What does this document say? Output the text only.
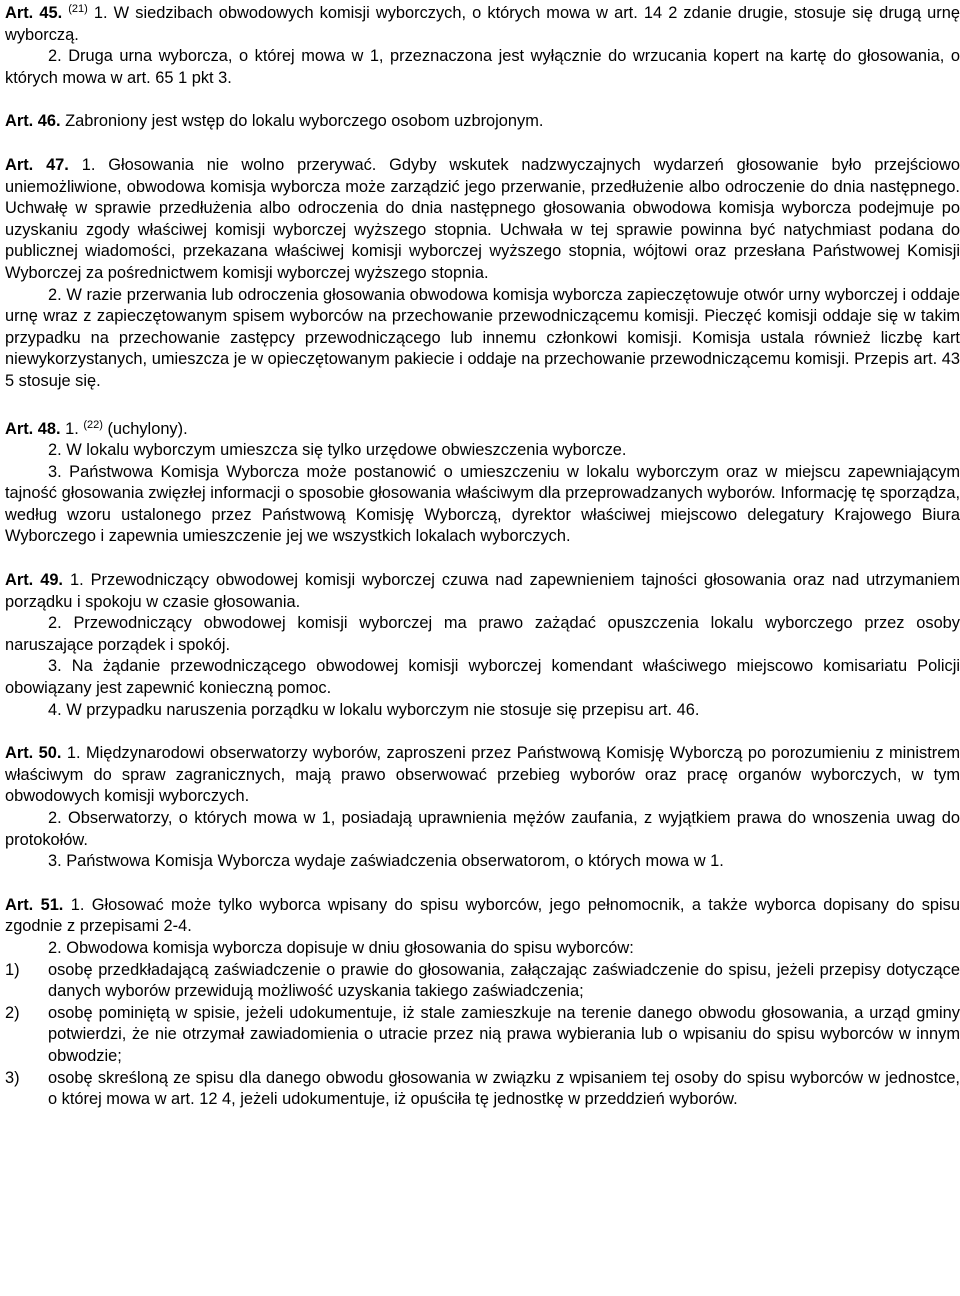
Art. 45. $^{(21)}$ 1. W siedzibach obwodowych komisji wyborczych, o których mowa w art. 14 2 zdanie drugie, stosuje się drugą urnę wyborczą.

2. Druga urna wyborcza, o której mowa w 1, przeznaczona jest wyłącznie do wrzucania kopert na kartę do głosowania, o których mowa w art. 65 1 pkt 3.

Art. 46. Zabroniony jest wstęp do lokalu wyborczego osobom uzbrojonym.

Art. 47. 1. Głosowania nie wolno przerywać. Gdyby wskutek nadzwyczajnych wydarzeń głosowanie było przejściowo uniemożliwione, obwodowa komisja wyborcza może zarządzić jego przerwanie, przedłużenie albo odroczenie do dnia następnego. Uchwałę w sprawie przedłużenia albo odroczenia do dnia następnego głosowania obwodowa komisja wyborcza podejmuje po uzyskaniu zgody właściwej komisji wyborczej wyższego stopnia. Uchwała w tej sprawie powinna być natychmiast podana do publicznej wiadomości, przekazana właściwej komisji wyborczej wyższego stopnia, wójtowi oraz przesłana Państwowej Komisji Wyborczej za pośrednictwem komisji wyborczej wyższego stopnia.

2. W razie przerwania lub odroczenia głosowania obwodowa komisja wyborcza zapieczętowuje otwór urny wyborczej i oddaje urnę wraz z zapieczętowanym spisem wyborców na przechowanie przewodniczącemu komisji. Pieczęć komisji oddaje się w takim przypadku na przechowanie zastępcy przewodniczącego lub innemu członkowi komisji. Komisja ustala również liczbę kart niewykorzystanych, umieszcza je w opieczętowanym pakiecie i oddaje na przechowanie przewodniczącemu komisji. Przepis art. 43 5 stosuje się.

Art. 48. 1. $^{(22)}$ (uchylony).

2. W lokalu wyborczym umieszcza się tylko urzędowe obwieszczenia wyborcze.

3. Państwowa Komisja Wyborcza może postanowić o umieszczeniu w lokalu wyborczym oraz w miejscu zapewniającym tajność głosowania zwięzłej informacji o sposobie głosowania właściwym dla przeprowadzanych wyborów. Informację tę sporządza, według wzoru ustalonego przez Państwową Komisję Wyborczą, dyrektor właściwej miejscowo delegatury Krajowego Biura Wyborczego i zapewnia umieszczenie jej we wszystkich lokalach wyborczych.

Art. 49. 1. Przewodniczący obwodowej komisji wyborczej czuwa nad zapewnieniem tajności głosowania oraz nad utrzymaniem porządku i spokoju w czasie głosowania.

2. Przewodniczący obwodowej komisji wyborczej ma prawo zażądać opuszczenia lokalu wyborczego przez osoby naruszające porządek i spokój.

3. Na żądanie przewodniczącego obwodowej komisji wyborczej komendant właściwego miejscowo komisariatu Policji obowiązany jest zapewnić konieczną pomoc.

4. W przypadku naruszenia porządku w lokalu wyborczym nie stosuje się przepisu art. 46.

Art. 50. 1. Międzynarodowi obserwatorzy wyborów, zaproszeni przez Państwową Komisję Wyborczą po porozumieniu z ministrem właściwym do spraw zagranicznych, mają prawo obserwować przebieg wyborów oraz pracę organów wyborczych, w tym obwodowych komisji wyborczych.

2. Obserwatorzy, o których mowa w 1, posiadają uprawnienia mężów zaufania, z wyjątkiem prawa do wnoszenia uwag do protokołów.

3. Państwowa Komisja Wyborcza wydaje zaświadczenia obserwatorom, o których mowa w 1.

Art. 51. 1. Głosować może tylko wyborca wpisany do spisu wyborców, jego pełnomocnik, a także wyborca dopisany do spisu zgodnie z przepisami 2-4.

2. Obwodowa komisja wyborcza dopisuje w dniu głosowania do spisu wyborców:

1)	osobę przedkładającą zaświadczenie o prawie do głosowania, załączając zaświadczenie do spisu, jeżeli przepisy dotyczące danych wyborów przewidują możliwość uzyskania takiego zaświadczenia;
2)	osobę pominiętą w spisie, jeżeli udokumentuje, iż stale zamieszkuje na terenie danego obwodu głosowania, a urząd gminy potwierdzi, że nie otrzymał zawiadomienia o utracie przez nią prawa wybierania lub o wpisaniu do spisu wyborców w innym obwodzie;
3)	osobę skreśloną ze spisu dla danego obwodu głosowania w związku z wpisaniem tej osoby do spisu wyborców w jednostce, o której mowa w art. 12 4, jeżeli udokumentuje, iż opuściła tę jednostkę w przeddzień wyborów.
